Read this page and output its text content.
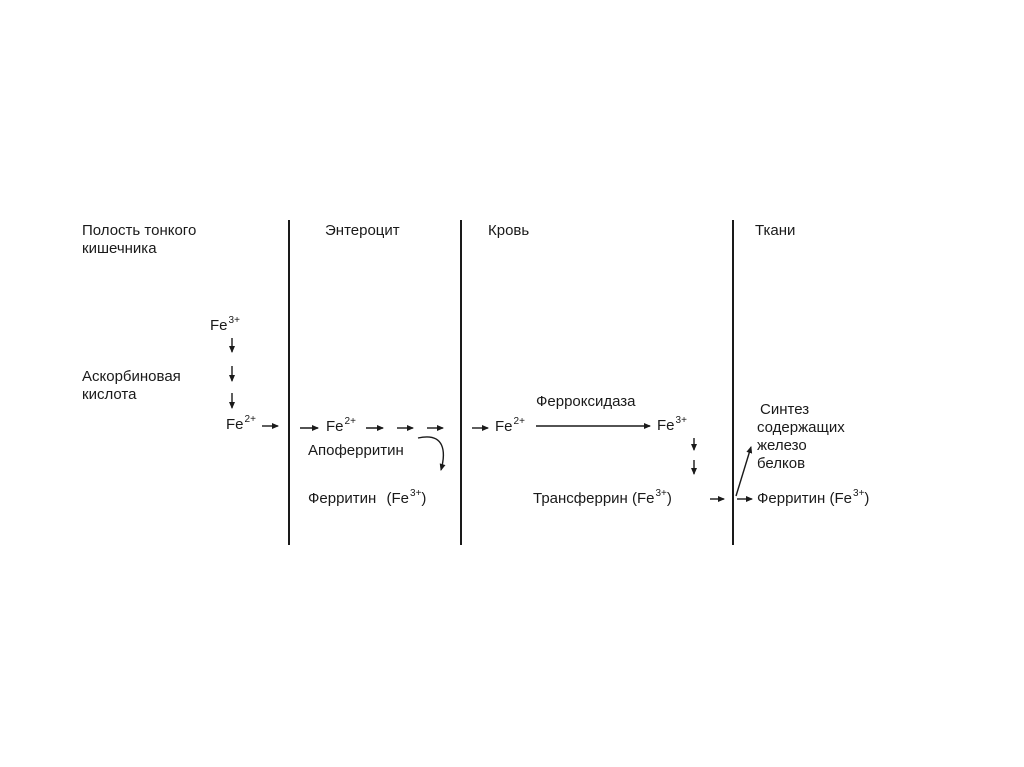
Полость тонкого
кишечника
Энтероцит	Кровь	Ткани
$Fe^{3+}$
Аскорбиновая
кислота
$Fe^{2+}$	$Fe^{2+}$
Апоферритин
Ферритин $(Fe^{3+})$
$Fe^{2+}$
Ферроксидаза
$Fe^{3+}$
Трансферрин $(Fe^{3+})$
Синтез
содержащих
железо
белков
Ферритин $(Fe^{3+})$
